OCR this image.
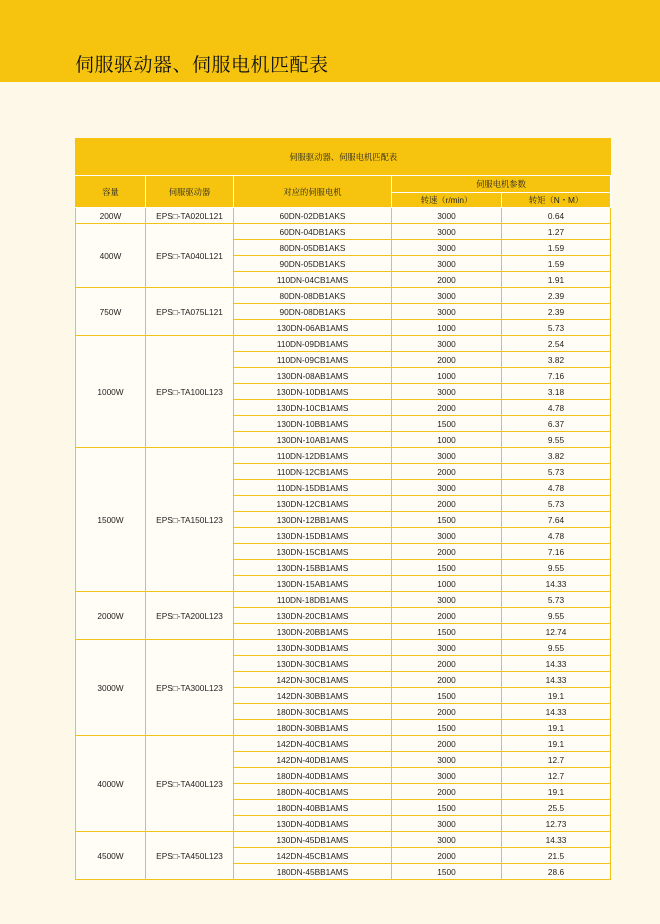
伺服驱动器、伺服电机匹配表
伺服驱动器、伺服电机匹配表				
容量	伺服驱动器	对应的伺服电机	伺服电机参数	
			转速（r/min）	转矩（N・M）
200W	EPS□-TA020L121	60DN-02DB1AKS	3000	0.64
400W	EPS□-TA040L121	60DN-04DB1AKS	3000	1.27
		80DN-05DB1AKS	3000	1.59
		90DN-05DB1AKS	3000	1.59
		110DN-04CB1AMS	2000	1.91
750W	EPS□-TA075L121	80DN-08DB1AKS	3000	2.39
		90DN-08DB1AKS	3000	2.39
		130DN-06AB1AMS	1000	5.73
1000W	EPS□-TA100L123	110DN-09DB1AMS	3000	2.54
		110DN-09CB1AMS	2000	3.82
		130DN-08AB1AMS	1000	7.16
		130DN-10DB1AMS	3000	3.18
		130DN-10CB1AMS	2000	4.78
		130DN-10BB1AMS	1500	6.37
		130DN-10AB1AMS	1000	9.55
1500W	EPS□-TA150L123	110DN-12DB1AMS	3000	3.82
		110DN-12CB1AMS	2000	5.73
		110DN-15DB1AMS	3000	4.78
		130DN-12CB1AMS	2000	5.73
		130DN-12BB1AMS	1500	7.64
		130DN-15DB1AMS	3000	4.78
		130DN-15CB1AMS	2000	7.16
		130DN-15BB1AMS	1500	9.55
		130DN-15AB1AMS	1000	14.33
2000W	EPS□-TA200L123	110DN-18DB1AMS	3000	5.73
		130DN-20CB1AMS	2000	9.55
		130DN-20BB1AMS	1500	12.74
3000W	EPS□-TA300L123	130DN-30DB1AMS	3000	9.55
		130DN-30CB1AMS	2000	14.33
		142DN-30CB1AMS	2000	14.33
		142DN-30BB1AMS	1500	19.1
		180DN-30CB1AMS	2000	14.33
		180DN-30BB1AMS	1500	19.1
4000W	EPS□-TA400L123	142DN-40CB1AMS	2000	19.1
		142DN-40DB1AMS	3000	12.7
		180DN-40DB1AMS	3000	12.7
		180DN-40CB1AMS	2000	19.1
		180DN-40BB1AMS	1500	25.5
		130DN-40DB1AMS	3000	12.73
4500W	EPS□-TA450L123	130DN-45DB1AMS	3000	14.33
		142DN-45CB1AMS	2000	21.5
		180DN-45BB1AMS	1500	28.6
